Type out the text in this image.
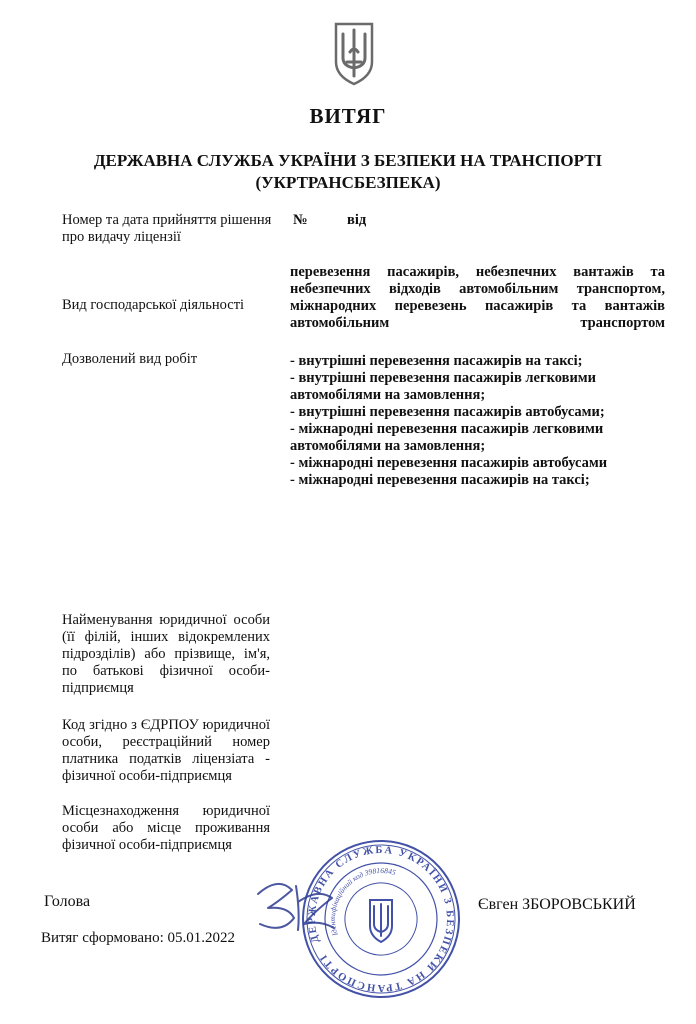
ВИТЯГ
ДЕРЖАВНА СЛУЖБА УКРАЇНИ З БЕЗПЕКИ НА ТРАНСПОРТІ
(УКРТРАНСБЕЗПЕКА)
Номер та дата прийняття рішення про видачу ліцензії
№	від
Вид господарської діяльності
перевезення пасажирів, небезпечних вантажів та небезпечних відходів автомобільним транспортом, міжнародних перевезень пасажирів та вантажів автомобільним транспортом
Дозволений вид робіт	- внутрішні перевезення пасажирів на таксі;
- внутрішні перевезення пасажирів легковими автомобілями на замовлення;
- внутрішні перевезення пасажирів автобусами;
- міжнародні перевезення пасажирів легковими автомобілями на замовлення;
- міжнародні перевезення пасажирів автобусами
- міжнародні перевезення пасажирів на таксі;
Найменування юридичної особи (її філій, інших відокремлених підрозділів) або прізвище, ім'я, по батькові фізичної особи-підприємця
Код згідно з ЄДРПОУ юридичної особи, реєстраційний номер платника податків ліцензіата - фізичної особи-підприємця
Місцезнаходження юридичної особи або місце проживання фізичної особи-підприємця
Голова
Витяг сформовано: 05.01.2022
Євген ЗБОРОВСЬКИЙ
ДЕРЖАВНА СЛУЖБА УКРАЇНИ З БЕЗПЕКИ НА ТРАНСПОРТІ
Ідентифікаційний код 39816845
